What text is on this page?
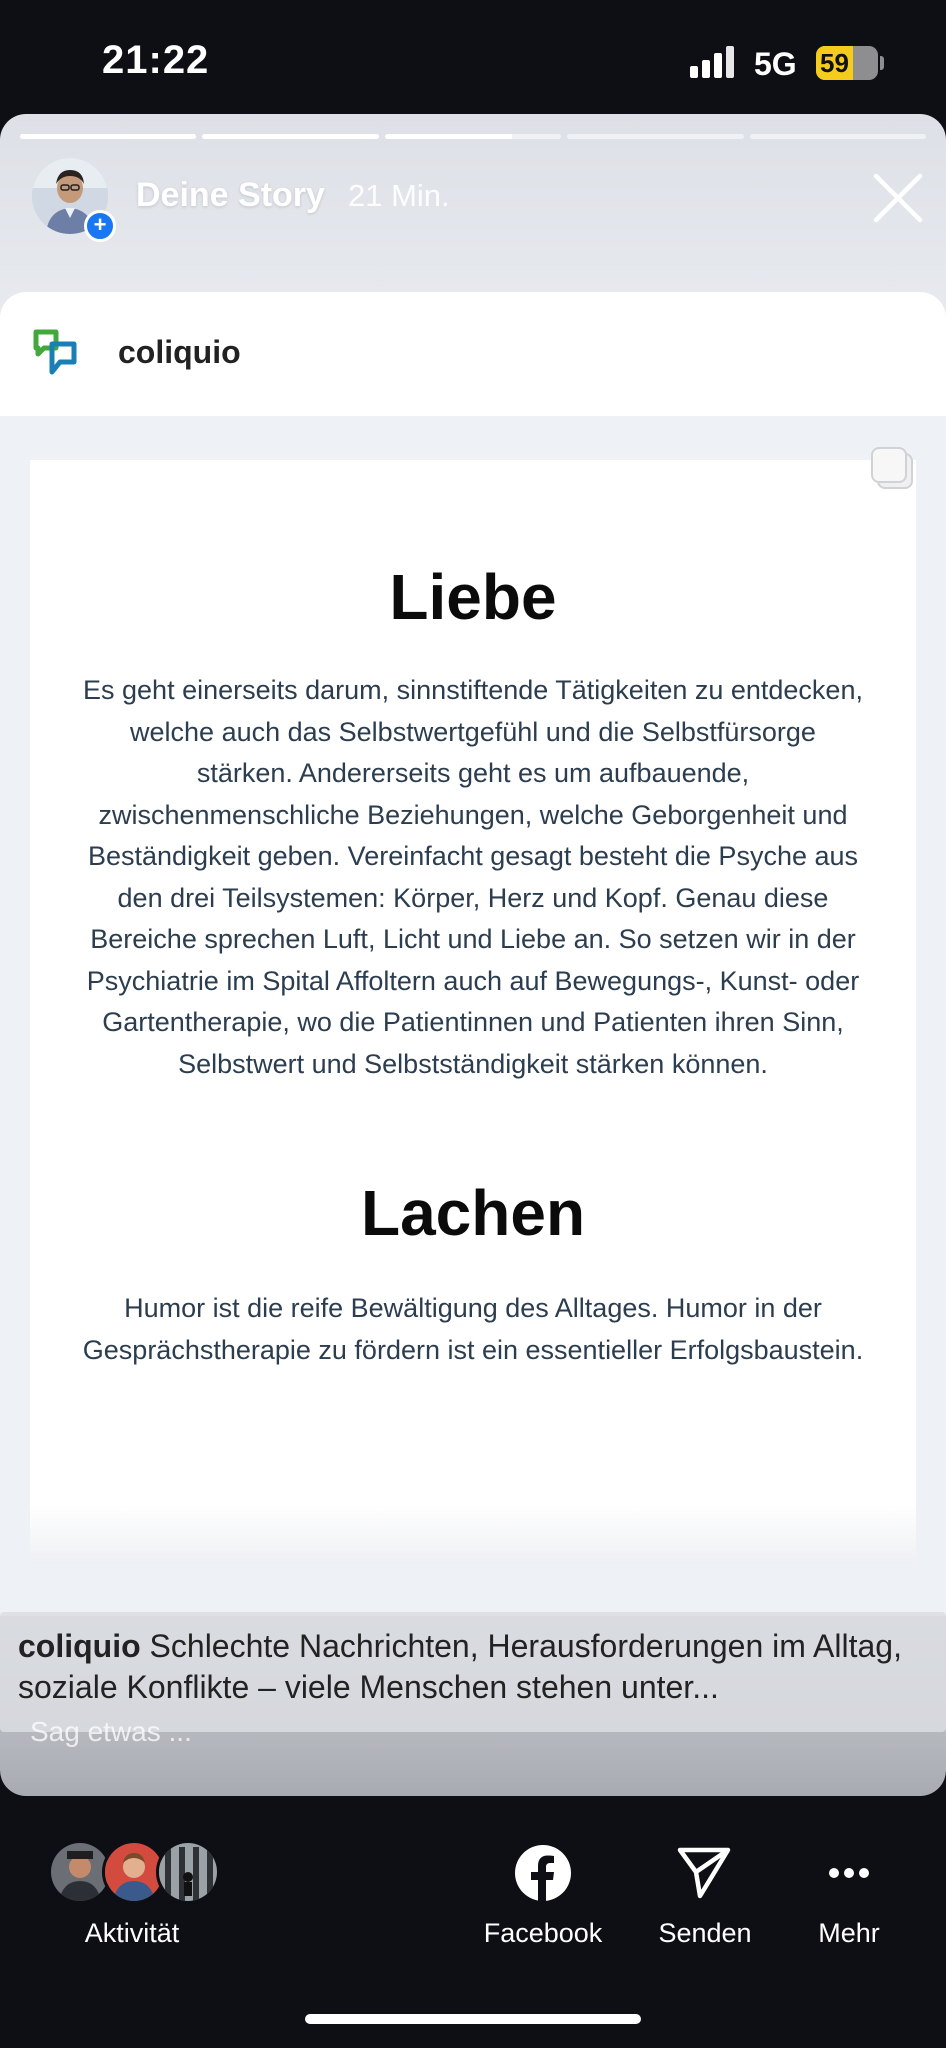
21:22	5G 59
+
Deine Story 21 Min.
coliquio
Liebe
Es geht einerseits darum, sinnstiftende Tätigkeiten zu entdecken, welche auch das Selbstwertgefühl und die Selbstfürsorge stärken. Andererseits geht es um aufbauende, zwischenmenschliche Beziehungen, welche Geborgenheit und Beständigkeit geben. Vereinfacht gesagt besteht die Psyche aus den drei Teilsystemen: Körper, Herz und Kopf. Genau diese Bereiche sprechen Luft, Licht und Liebe an. So setzen wir in der Psychiatrie im Spital Affoltern auch auf Bewegungs-, Kunst- oder Gartentherapie, wo die Patientinnen und Patienten ihren Sinn, Selbstwert und Selbstständigkeit stärken können.
Lachen
Humor ist die reife Bewältigung des Alltages. Humor in der Gesprächstherapie zu fördern ist ein essentieller Erfolgsbaustein.
coliquio Schlechte Nachrichten, Herausforderungen im Alltag, soziale Konflikte – viele Menschen stehen unter...
Sag etwas ...
Aktivität	Facebook	Senden	Mehr
